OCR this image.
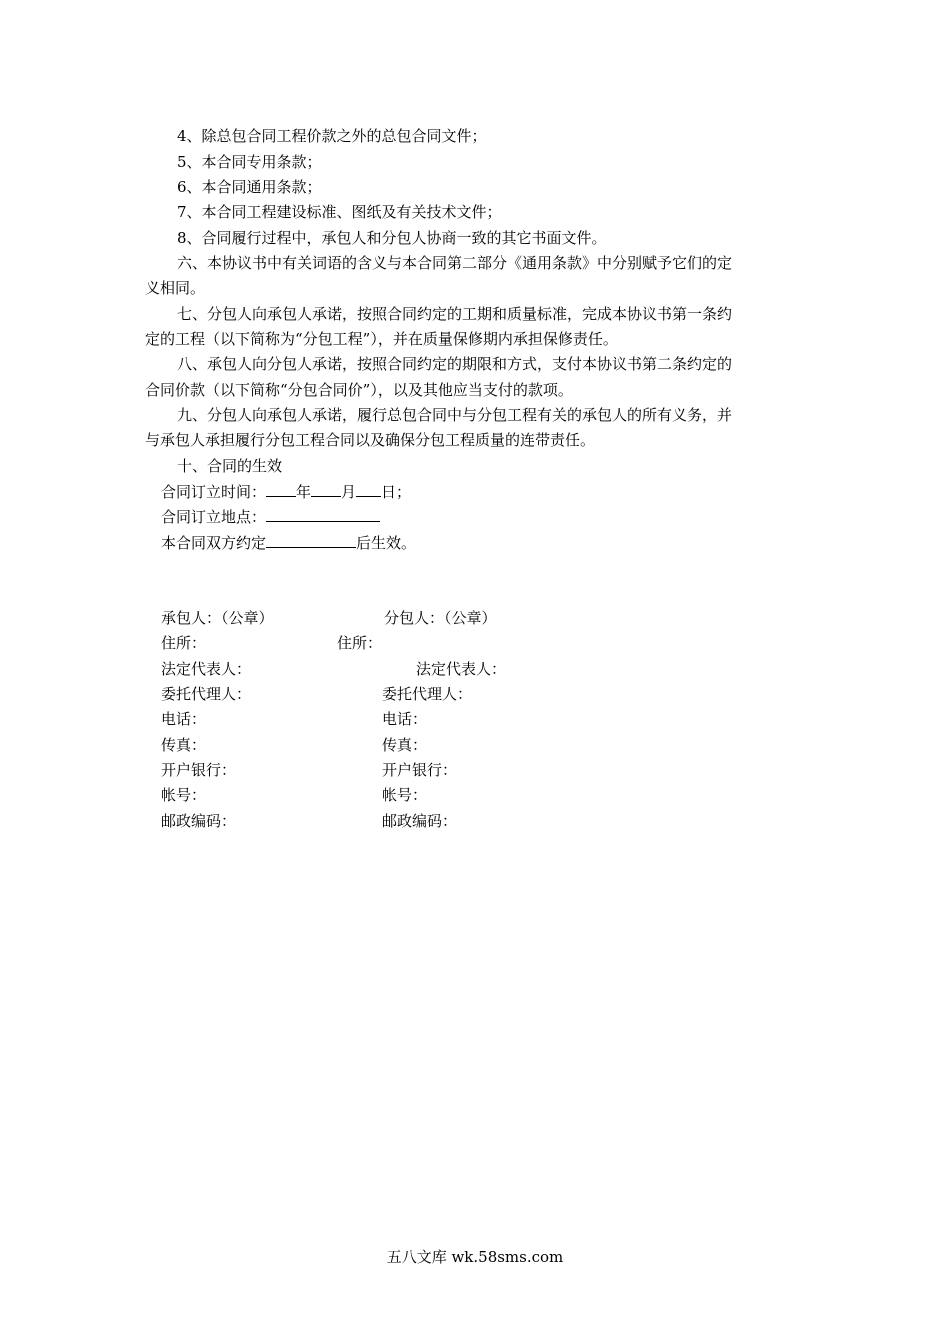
4、除总包合同工程价款之外的总包合同文件；
5、本合同专用条款；
6、本合同通用条款；
7、本合同工程建设标准、图纸及有关技术文件；
8、合同履行过程中，承包人和分包人协商一致的其它书面文件。
六、本协议书中有关词语的含义与本合同第二部分《通用条款》中分别赋予它们的定
义相同。
七、分包人向承包人承诺，按照合同约定的工期和质量标准，完成本协议书第一条约
定的工程（以下简称为“分包工程”），并在质量保修期内承担保修责任。
八、承包人向分包人承诺，按照合同约定的期限和方式，支付本协议书第二条约定的
合同价款（以下简称“分包合同价”），以及其他应当支付的款项。
九、分包人向承包人承诺，履行总包合同中与分包工程有关的承包人的所有义务，并
与承包人承担履行分包工程合同以及确保分包工程质量的连带责任。
十、合同的生效
合同订立时间： 年 月 日；
合同订立地点：
本合同双方约定	后生效。
承包人：（公章）
住所：
法定代表人：
委托代理人：
电话：
传真：
开户银行：
帐号：
邮政编码：
分包人：（公章）
住所：
法定代表人：
委托代理人：
电话：
传真：
开户银行：
帐号：
邮政编码：
五八文库 wk.58sms.com
